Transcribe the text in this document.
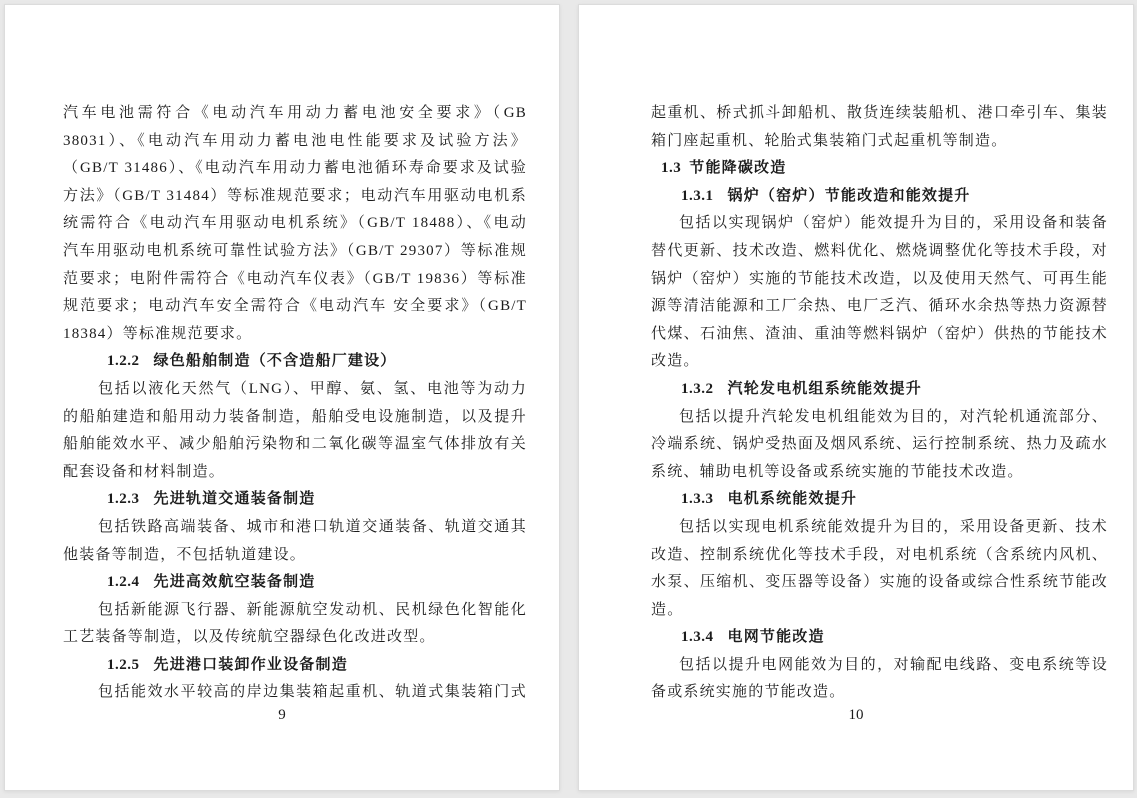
汽车电池需符合《电动汽车用动力蓄电池安全要求》（GB
38031）、《电动汽车用动力蓄电池电性能要求及试验方法》
（GB/T 31486）、《电动汽车用动力蓄电池循环寿命要求及试验
方法》（GB/T 31484）等标准规范要求；电动汽车用驱动电机系
统需符合《电动汽车用驱动电机系统》（GB/T 18488）、《电动
汽车用驱动电机系统可靠性试验方法》（GB/T 29307）等标准规
范要求；电附件需符合《电动汽车仪表》（GB/T 19836）等标准
规范要求；电动汽车安全需符合《电动汽车 安全要求》（GB/T
18384）等标准规范要求。
1.2.2 绿色船舶制造（不含造船厂建设）
包括以液化天然气（LNG）、甲醇、氨、氢、电池等为动力
的船舶建造和船用动力装备制造，船舶受电设施制造，以及提升
船舶能效水平、减少船舶污染物和二氧化碳等温室气体排放有关
配套设备和材料制造。
1.2.3 先进轨道交通装备制造
包括铁路高端装备、城市和港口轨道交通装备、轨道交通其
他装备等制造，不包括轨道建设。
1.2.4 先进高效航空装备制造
包括新能源飞行器、新能源航空发动机、民机绿色化智能化
工艺装备等制造，以及传统航空器绿色化改进改型。
1.2.5 先进港口装卸作业设备制造
包括能效水平较高的岸边集装箱起重机、轨道式集装箱门式
9
起重机、桥式抓斗卸船机、散货连续装船机、港口牵引车、集装
箱门座起重机、轮胎式集装箱门式起重机等制造。
1.3 节能降碳改造
1.3.1 锅炉（窑炉）节能改造和能效提升
包括以实现锅炉（窑炉）能效提升为目的，采用设备和装备
替代更新、技术改造、燃料优化、燃烧调整优化等技术手段，对
锅炉（窑炉）实施的节能技术改造，以及使用天然气、可再生能
源等清洁能源和工厂余热、电厂乏汽、循环水余热等热力资源替
代煤、石油焦、渣油、重油等燃料锅炉（窑炉）供热的节能技术
改造。
1.3.2 汽轮发电机组系统能效提升
包括以提升汽轮发电机组能效为目的，对汽轮机通流部分、
冷端系统、锅炉受热面及烟风系统、运行控制系统、热力及疏水
系统、辅助电机等设备或系统实施的节能技术改造。
1.3.3 电机系统能效提升
包括以实现电机系统能效提升为目的，采用设备更新、技术
改造、控制系统优化等技术手段，对电机系统（含系统内风机、
水泵、压缩机、变压器等设备）实施的设备或综合性系统节能改
造。
1.3.4 电网节能改造
包括以提升电网能效为目的，对输配电线路、变电系统等设
备或系统实施的节能改造。
10
